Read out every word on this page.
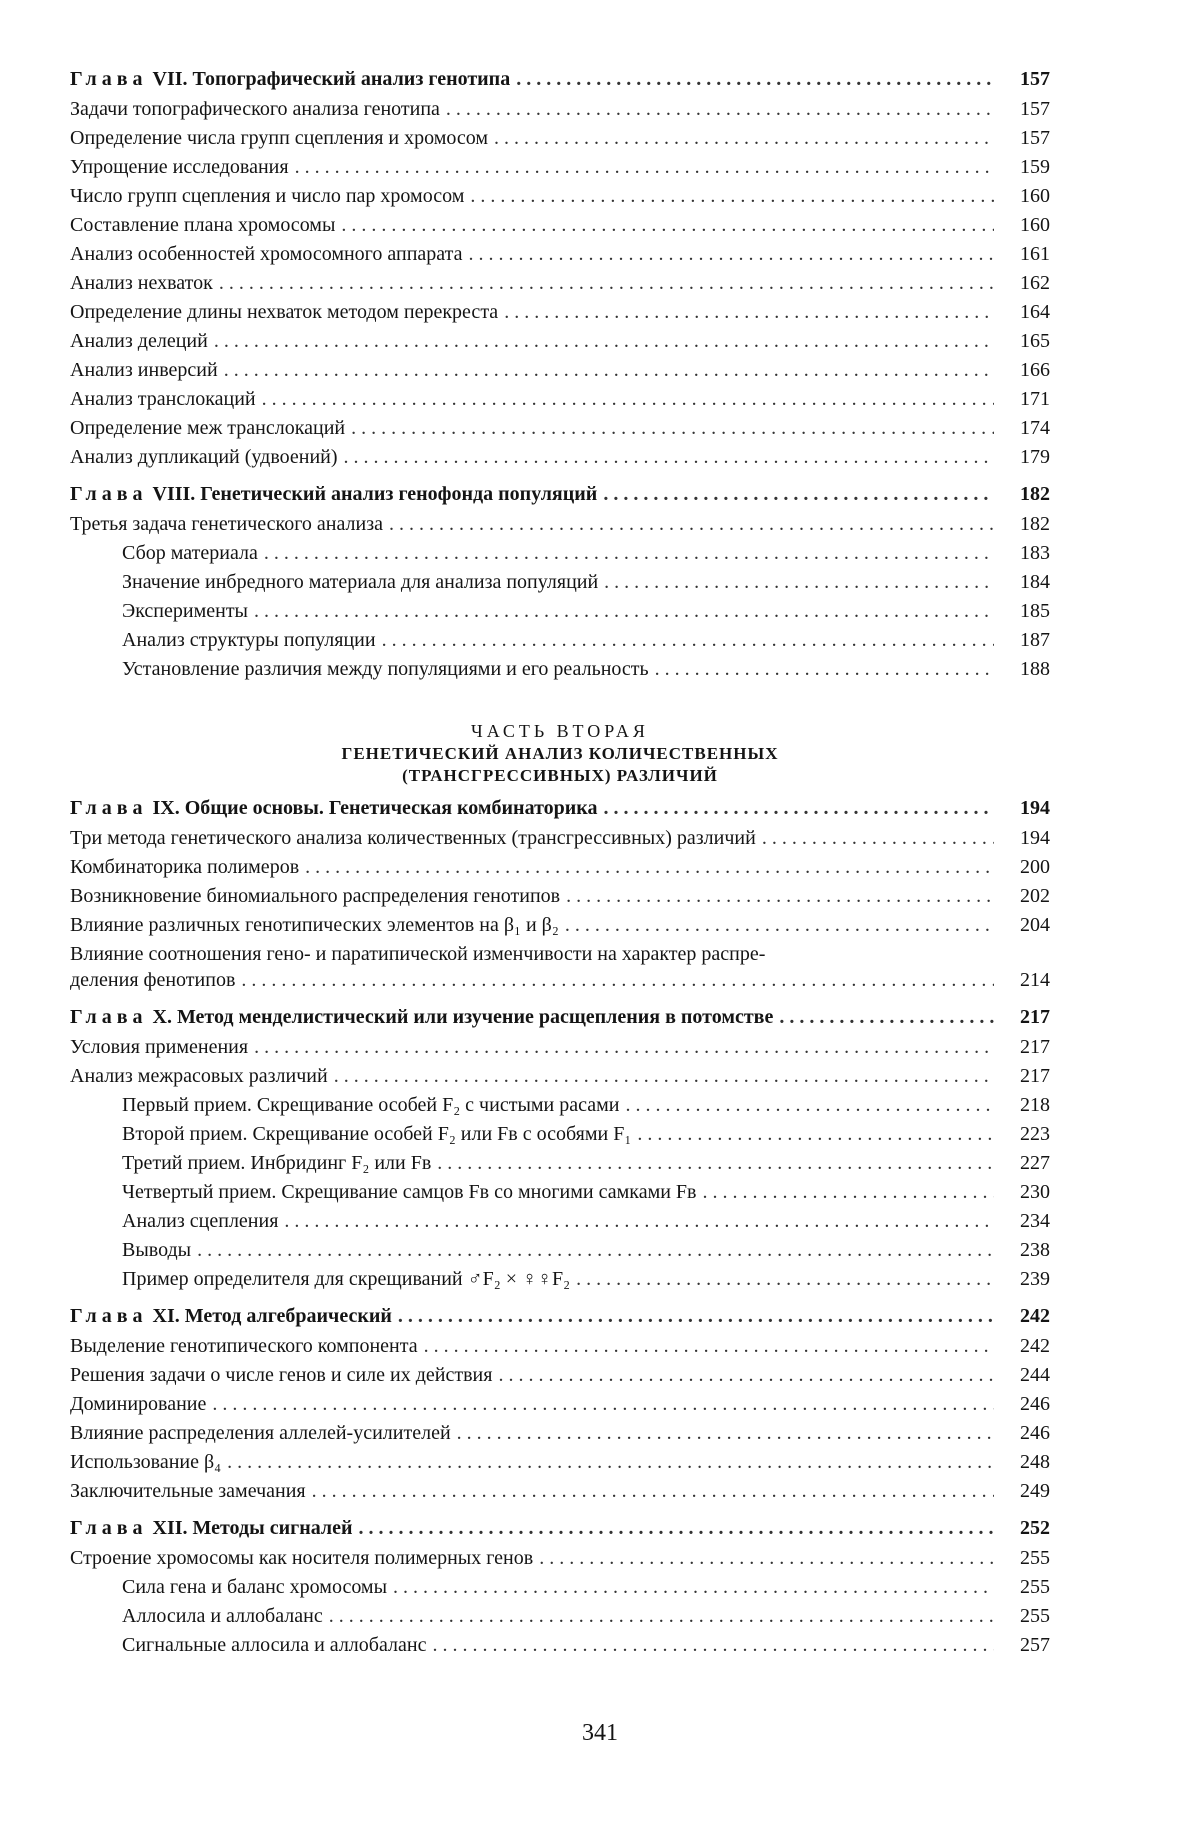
Глава VII. Топографический анализ генотипа . . .	157
Задачи топографического анализа генотипа . . .	157
Определение числа групп сцепления и хромосом . . .	157
Упрощение исследования . . .	159
Число групп сцепления и число пар хромосом . . .	160
Составление плана хромосомы . . .	160
Анализ особенностей хромосомного аппарата . . .	161
Анализ нехваток . . .	162
Определение длины нехваток методом перекреста . . .	164
Анализ делеций . . .	165
Анализ инверсий . . .	166
Анализ транслокаций . . .	171
Определение меж транслокаций . . .	174
Анализ дупликаций (удвоений) . . .	179
Глава VIII. Генетический анализ генофонда популяций . . .	182
Третья задача генетического анализа . . .	182
Сбор материала . . .	183
Значение инбредного материала для анализа популяций . . .	184
Эксперименты . . .	185
Анализ структуры популяции . . .	187
Установление различия между популяциями и его реальность . . .	188
ЧАСТЬ ВТОРАЯ
ГЕНЕТИЧЕСКИЙ АНАЛИЗ КОЛИЧЕСТВЕННЫХ
(ТРАНСГРЕССИВНЫХ) РАЗЛИЧИЙ
Глава IX. Общие основы. Генетическая комбинаторика . . .	194
Три метода генетического анализа количественных (трансгрессивных) различий . . .	194
Комбинаторика полимеров . . .	200
Возникновение биномиального распределения генотипов . . .	202
Влияние различных генотипических элементов на β₁ и β₂ . . .	204
Влияние соотношения гено- и паратипической изменчивости на характер распре-
деления фенотипов . . .	214
Глава X. Метод менделистический или изучение расщепления в потомстве . . .	217
Условия применения . . .	217
Анализ межрасовых различий . . .	217
Первый прием. Скрещивание особей F₂ с чистыми расами . . .	218
Второй прием. Скрещивание особей F₂ или Fв с особями F₁ . . .	223
Третий прием. Инбридинг F₂ или Fв . . .	227
Четвертый прием. Скрещивание самцов Fв со многими самками Fв . . .	230
Анализ сцепления . . .	234
Выводы . . .	238
Пример определителя для скрещиваний ♂F₂ × ♀♀F₂ . . .	239
Глава XI. Метод алгебраический . . .	242
Выделение генотипического компонента . . .	242
Решения задачи о числе генов и силе их действия . . .	244
Доминирование . . .	246
Влияние распределения аллелей-усилителей . . .	246
Использование β₄ . . .	248
Заключительные замечания . . .	249
Глава XII. Методы сигналей . . .	252
Строение хромосомы как носителя полимерных генов . . .	255
Сила гена и баланс хромосомы . . .	255
Аллосила и аллобаланс . . .	255
Сигнальные аллосила и аллобаланс . . .	257
341
